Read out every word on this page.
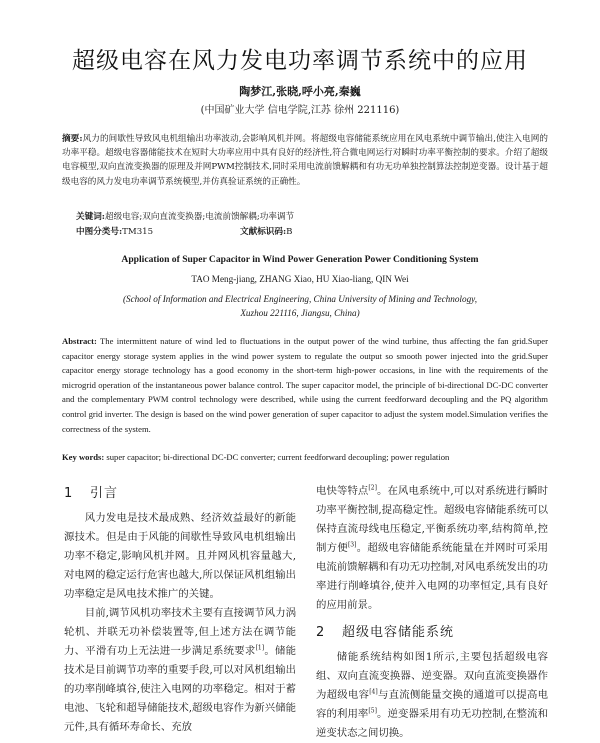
超级电容在风力发电功率调节系统中的应用
陶梦江,张晓,呼小亮,秦巍
(中国矿业大学 信电学院,江苏 徐州 221116)

摘要:风力的间歇性导致风电机组输出功率波动,会影响风机并网。将超级电容储能系统应用在风电系统中调节输出,使注入电网的功率平稳。超级电容器储能技术在短时大功率应用中具有良好的经济性,符合微电网运行对瞬时功率平衡控制的要求。介绍了超级电容模型,双向直流变换器的原理及并网PWM控制技术,同时采用电流前馈解耦和有功无功单独控制算法控制逆变器。设计基于超级电容的风力发电功率调节系统模型,并仿真验证系统的正确性。

关键词:超级电容;双向直流变换器;电流前馈解耦;功率调节
中图分类号:TM315	文献标识码:B
Application of Super Capacitor in Wind Power Generation Power Conditioning System
TAO Meng-jiang, ZHANG Xiao, HU Xiao-liang, QIN Wei
(School of Information and Electrical Engineering, China University of Mining and Technology,
Xuzhou 221116, Jiangsu, China)
Abstract: The intermittent nature of wind led to fluctuations in the output power of the wind turbine, thus affecting the fan grid.Super capacitor energy storage system applies in the wind power system to regulate the output so smooth power injected into the grid.Super capacitor energy storage technology has a good economy in the short-term high-power occasions, in line with the requirements of the microgrid operation of the instantaneous power balance control. The super capacitor model, the principle of bi-directional DC-DC converter and the complementary PWM control technology were described, while using the current feedforward decoupling and the PQ algorithm control grid inverter. The design is based on the wind power generation of super capacitor to adjust the system model.Simulation verifies the correctness of the system.
Key words: super capacitor; bi-directional DC-DC converter; current feedforward decoupling; power regulation
1 引言

风力发电是技术最成熟、经济效益最好的新能源技术。但是由于风能的间歇性导致风电机组输出功率不稳定,影响风机并网。且并网风机容量越大,对电网的稳定运行危害也越大,所以保证风机组输出功率稳定是风电技术推广的关键。

目前,调节风机功率技术主要有直接调节风力涡轮机、并联无功补偿装置等,但上述方法在调节能力、平滑有功上无法进一步满足系统要求[1]。储能技术是目前调节功率的重要手段,可以对风机组输出的功率削峰填谷,使注入电网的功率稳定。相对于蓄电池、飞轮和超导储能技术,超级电容作为新兴储能元件,具有循环寿命长、充放

电快等特点[2]。在风电系统中,可以对系统进行瞬时功率平衡控制,提高稳定性。超级电容储能系统可以保持直流母线电压稳定,平衡系统功率,结构简单,控制方便[3]。超级电容储能系统能量在并网时可采用电流前馈解耦和有功无功控制,对风电系统发出的功率进行削峰填谷,使并入电网的功率恒定,具有良好的应用前景。

2 超级电容储能系统

储能系统结构如图1所示,主要包括超级电容组、双向直流变换器、逆变器。双向直流变换器作为超级电容[4]与直流侧能量交换的通道可以提高电容的利用率[5]。逆变器采用有功无功控制,在整流和逆变状态之间切换。
